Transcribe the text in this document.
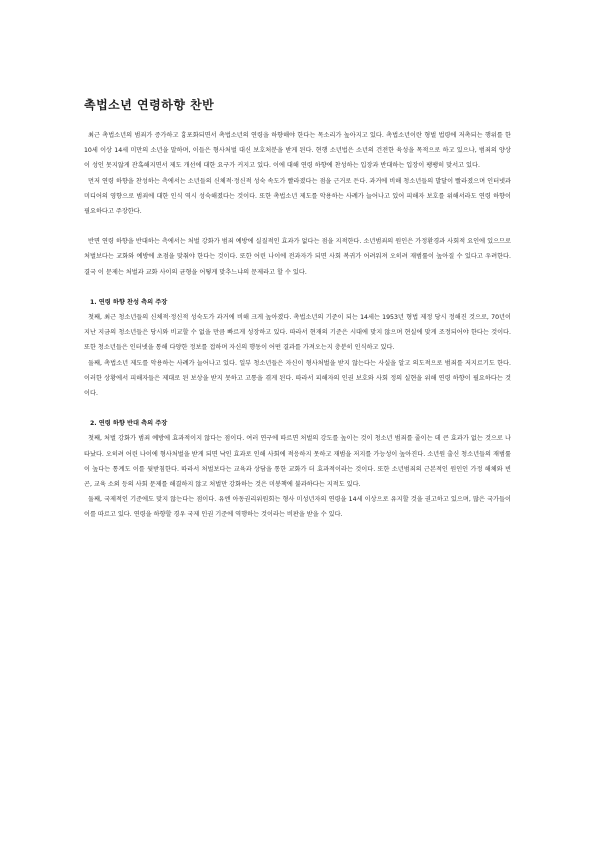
촉법소년 연령하향 찬반

최근 촉법소년의 범죄가 증가하고 흉포화되면서 촉법소년의 연령을 하향해야 한다는 목소리가 높아지고 있다. 촉법소년이란 형벌 법령에 저촉되는 행위를 한 10세 이상 14세 미만의 소년을 말하며, 이들은 형사처벌 대신 보호처분을 받게 된다. 현행 소년법은 소년의 건전한 육성을 목적으로 하고 있으나, 범죄의 양상이 성인 못지않게 잔혹해지면서 제도 개선에 대한 요구가 커지고 있다. 이에 대해 연령 하향에 찬성하는 입장과 반대하는 입장이 팽팽히 맞서고 있다.

먼저 연령 하향을 찬성하는 측에서는 소년들의 신체적·정신적 성숙 속도가 빨라졌다는 점을 근거로 든다. 과거에 비해 청소년들의 발달이 빨라졌으며 인터넷과 미디어의 영향으로 범죄에 대한 인식 역시 성숙해졌다는 것이다. 또한 촉법소년 제도를 악용하는 사례가 늘어나고 있어 피해자 보호를 위해서라도 연령 하향이 필요하다고 주장한다.

반면 연령 하향을 반대하는 측에서는 처벌 강화가 범죄 예방에 실질적인 효과가 없다는 점을 지적한다. 소년범죄의 원인은 가정환경과 사회적 요인에 있으므로 처벌보다는 교화와 예방에 초점을 맞춰야 한다는 것이다. 또한 어린 나이에 전과자가 되면 사회 복귀가 어려워져 오히려 재범률이 높아질 수 있다고 우려한다. 결국 이 문제는 처벌과 교화 사이의 균형을 어떻게 맞추느냐의 문제라고 할 수 있다.

1. 연령 하향 찬성 측의 주장

첫째, 최근 청소년들의 신체적·정신적 성숙도가 과거에 비해 크게 높아졌다. 촉법소년의 기준이 되는 14세는 1953년 형법 제정 당시 정해진 것으로, 70년이 지난 지금의 청소년들은 당시와 비교할 수 없을 만큼 빠르게 성장하고 있다. 따라서 현재의 기준은 시대에 맞지 않으며 현실에 맞게 조정되어야 한다는 것이다. 또한 청소년들은 인터넷을 통해 다양한 정보를 접하며 자신의 행동이 어떤 결과를 가져오는지 충분히 인식하고 있다.

둘째, 촉법소년 제도를 악용하는 사례가 늘어나고 있다. 일부 청소년들은 자신이 형사처벌을 받지 않는다는 사실을 알고 의도적으로 범죄를 저지르기도 한다. 이러한 상황에서 피해자들은 제대로 된 보상을 받지 못하고 고통을 겪게 된다. 따라서 피해자의 인권 보호와 사회 정의 실현을 위해 연령 하향이 필요하다는 것이다.

2. 연령 하향 반대 측의 주장

첫째, 처벌 강화가 범죄 예방에 효과적이지 않다는 점이다. 여러 연구에 따르면 처벌의 강도를 높이는 것이 청소년 범죄를 줄이는 데 큰 효과가 없는 것으로 나타났다. 오히려 어린 나이에 형사처벌을 받게 되면 낙인 효과로 인해 사회에 적응하지 못하고 재범을 저지를 가능성이 높아진다. 소년원 출신 청소년들의 재범률이 높다는 통계도 이를 뒷받침한다. 따라서 처벌보다는 교육과 상담을 통한 교화가 더 효과적이라는 것이다. 또한 소년범죄의 근본적인 원인인 가정 해체와 빈곤, 교육 소외 등의 사회 문제를 해결하지 않고 처벌만 강화하는 것은 미봉책에 불과하다는 지적도 있다.

둘째, 국제적인 기준에도 맞지 않는다는 점이다. 유엔 아동권리위원회는 형사 미성년자의 연령을 14세 이상으로 유지할 것을 권고하고 있으며, 많은 국가들이 이를 따르고 있다. 연령을 하향할 경우 국제 인권 기준에 역행하는 것이라는 비판을 받을 수 있다.
